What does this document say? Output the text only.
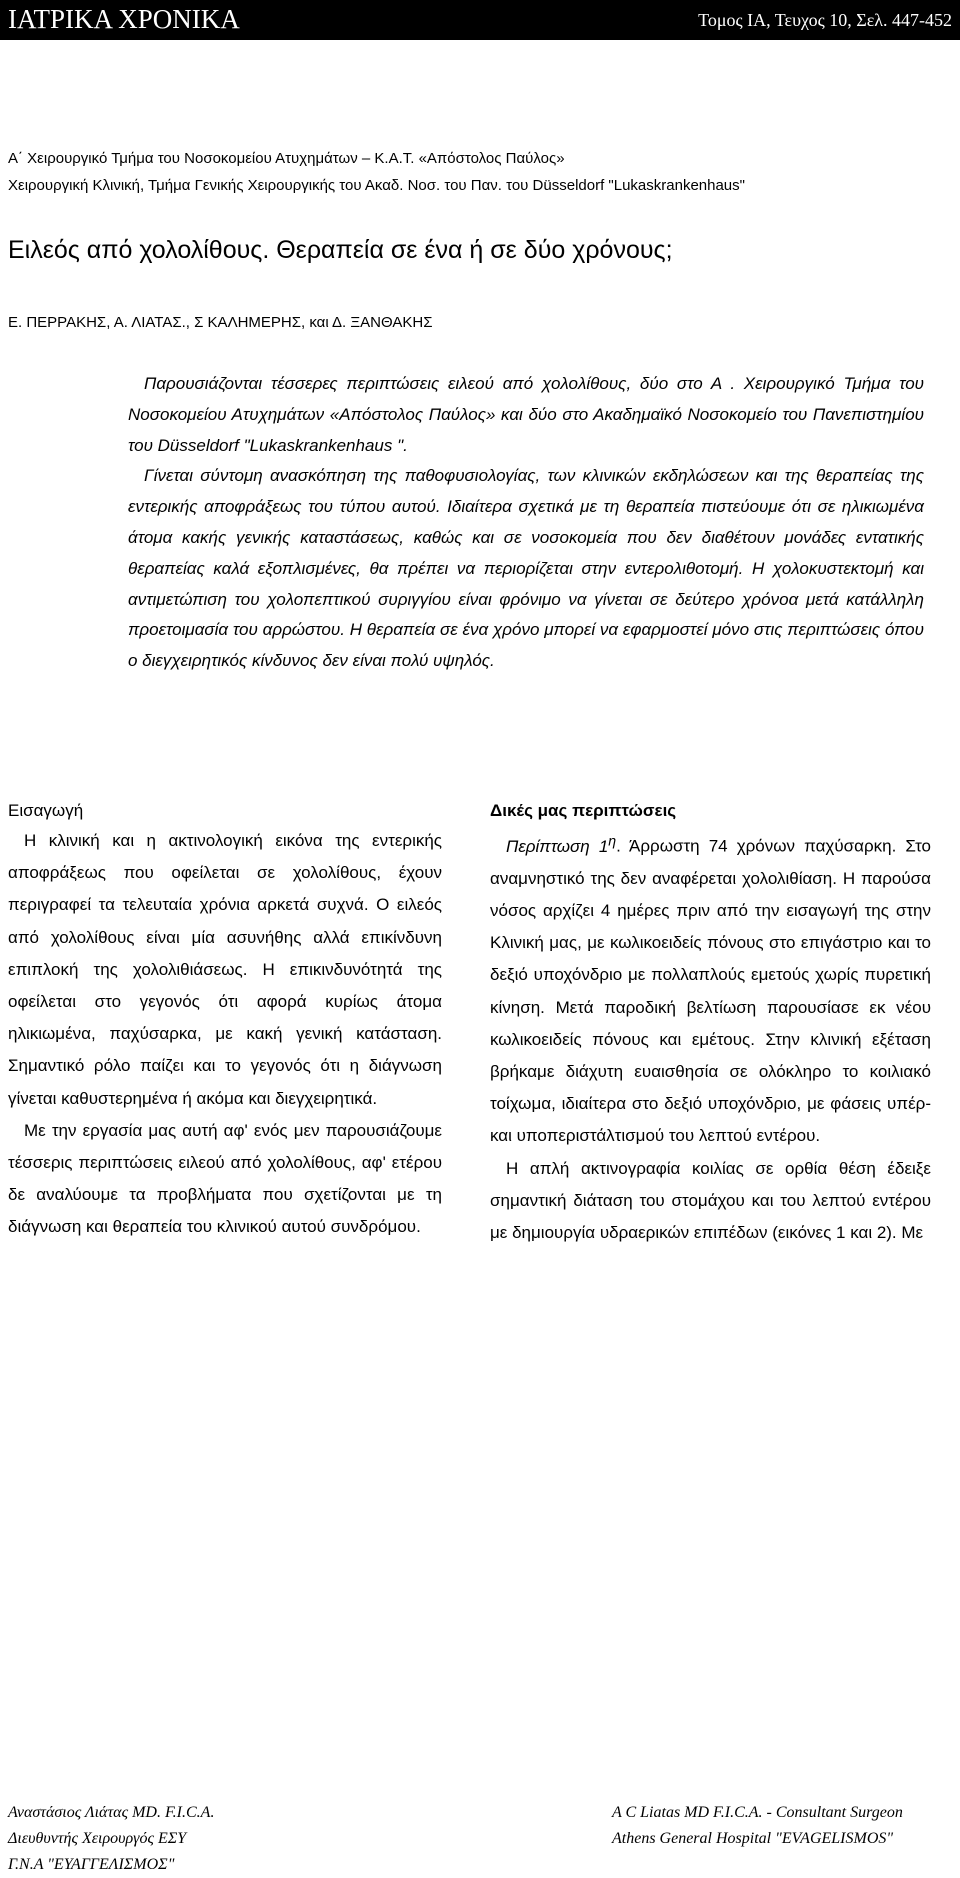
ΙΑΤΡΙΚΑ ΧΡΟΝΙΚΑ	Τομος ΙΑ, Τευχος 10, Σελ. 447-452
Α΄ Χειρουργικό Τμήμα του Νοσοκομείου Ατυχημάτων – Κ.Α.Τ. «Απόστολος Παύλος»
Χειρουργική Κλινική, Τμήμα Γενικής Χειρουργικής του Ακαδ. Νοσ. του Παν. του Düsseldorf "Lukaskrankenhaus"
Ειλεός από χολολίθους. Θεραπεία σε ένα ή σε δύο χρόνους;
Ε. ΠΕΡΡΑΚΗΣ, Α. ΛΙΑΤΑΣ., Σ ΚΑΛΗΜΕΡΗΣ, και Δ. ΞΑΝΘΑΚΗΣ

Παρουσιάζονται τέσσερες περιπτώσεις ειλεού από χολολίθους, δύο στο Α . Χειρουργικό Τμήμα του Νοσοκομείου Ατυχημάτων «Απόστολος Παύλος» και δύο στο Ακαδημαϊκό Νοσοκομείο του Πανεπιστημίου του Düsseldorf "Lukaskrankenhaus ".

Γίνεται σύντομη ανασκόπηση της παθοφυσιολογίας, των κλινικών εκδηλώσεων και της θεραπείας της εντερικής αποφράξεως του τύπου αυτού. Ιδιαίτερα σχετικά με τη θεραπεία πιστεύουμε ότι σε ηλικιωμένα άτομα κακής γενικής καταστάσεως, καθώς και σε νοσοκομεία που δεν διαθέτουν μονάδες εντατικής θεραπείας καλά εξοπλισμένες, θα πρέπει να περιορίζεται στην εντερολιθοτομή. Η χολοκυστεκτομή και αντιμετώπιση του χολοπεπτικού συριγγίου είναι φρόνιμο να γίνεται σε δεύτερο χρόνοα μετά κατάλληλη προετοιμασία του αρρώστου. Η θεραπεία σε ένα χρόνο μπορεί να εφαρμοστεί μόνο στις περιπτώσεις όπου ο διεγχειρητικός κίνδυνος δεν είναι πολύ υψηλός.

Εισαγωγή

Η κλινική και η ακτινολογική εικόνα της εντερικής αποφράξεως που οφείλεται σε χολολίθους, έχουν περιγραφεί τα τελευταία χρόνια αρκετά συχνά. Ο ειλεός από χολολίθους είναι μία ασυνήθης αλλά επικίνδυνη επιπλοκή της χολολιθιάσεως. Η επικινδυνότητά της οφείλεται στο γεγονός ότι αφορά κυρίως άτομα ηλικιωμένα, παχύσαρκα, με κακή γενική κατάσταση. Σημαντικό ρόλο παίζει και το γεγονός ότι η διάγνωση γίνεται καθυστερημένα ή ακόμα και διεγχειρητικά.

Με την εργασία μας αυτή αφ' ενός μεν παρουσιάζουμε τέσσερις περιπτώσεις ειλεού από χολολίθους, αφ' ετέρου δε αναλύουμε τα προβλήματα που σχετίζονται με τη διάγνωση και θεραπεία του κλινικού αυτού συνδρόμου.

Δικές μας περιπτώσεις

Περίπτωση $1^\eta$. Άρρωστη 74 χρόνων παχύσαρκη. Στο αναμνηστικό της δεν αναφέρεται χολολιθίαση. Η παρούσα νόσος αρχίζει 4 ημέρες πριν από την εισαγωγή της στην Κλινική μας, με κωλικοειδείς πόνους στο επιγάστριο και το δεξιό υποχόνδριο με πολλαπλούς εμετούς χωρίς πυρετική κίνηση. Μετά παροδική βελτίωση παρουσίασε εκ νέου κωλικοειδείς πόνους και εμέτους. Στην κλινική εξέταση βρήκαμε διάχυτη ευαισθησία σε ολόκληρο το κοιλιακό τοίχωμα, ιδιαίτερα στο δεξιό υποχόνδριο, με φάσεις υπέρ- και υποπεριστάλτισμού του λεπτού εντέρου.

Η απλή ακτινογραφία κοιλίας σε ορθία θέση έδειξε σημαντική διάταση του στομάχου και του λεπτού εντέρου με δημιουργία υδραερικών επιπέδων (εικόνες 1 και 2). Με

Αναστάσιος Λιάτας MD. F.I.C.A.
Διευθυντής Χειρουργός ΕΣΥ
Γ.Ν.Α "ΕΥΑΓΓΕΛΙΣΜΟΣ"
A C Liatas MD F.I.C.A. - Consultant Surgeon
Athens General Hospital "EVAGELISMOS"
